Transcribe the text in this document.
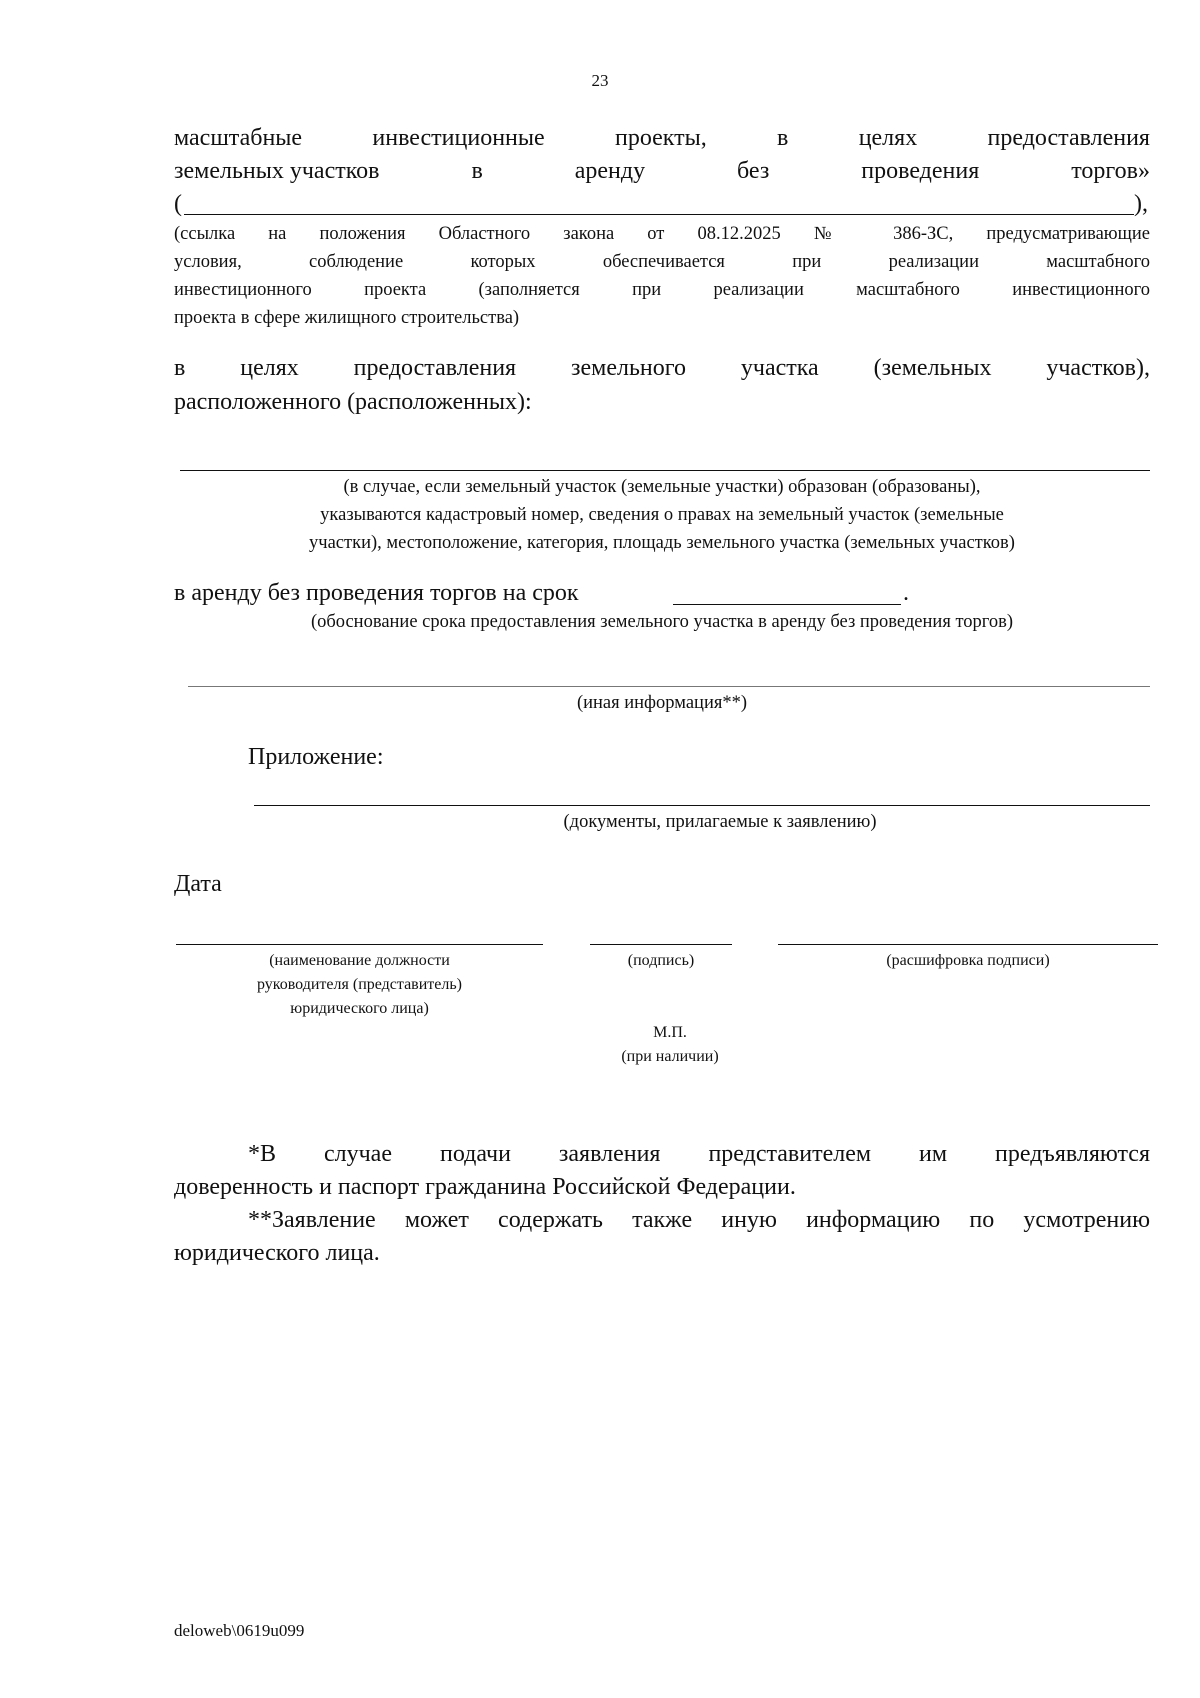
23
масштабные	инвестиционные	проекты,	в	целях	предоставления
земельных участков	в	аренду	без	проведения	торгов»
(	),
(ссылка на положения Областного закона от 08.12.2025 № 386-ЗС, предусматривающие
условия, соблюдение которых обеспечивается при реализации масштабного
инвестиционного проекта (заполняется при реализации масштабного инвестиционного
проекта в сфере жилищного строительства)
в целях предоставления земельного участка (земельных участков),
расположенного (расположенных):
(в случае, если земельный участок (земельные участки) образован (образованы),
указываются кадастровый номер, сведения о правах на земельный участок (земельные
участки), местоположение, категория, площадь земельного участка (земельных участков)
в аренду без проведения торгов на срок	.
(обоснование срока предоставления земельного участка в аренду без проведения торгов)
(иная информация**)
Приложение:
(документы, прилагаемые к заявлению)
Дата
(наименование должности
руководителя (представитель)
юридического лица)
(подпись)	(расшифровка подписи)
М.П.
(при наличии)
*В случае подачи заявления представителем им предъявляются
доверенность и паспорт гражданина Российской Федерации.
**Заявление может содержать также иную информацию по усмотрению
юридического лица.
deloweb\0619u099
